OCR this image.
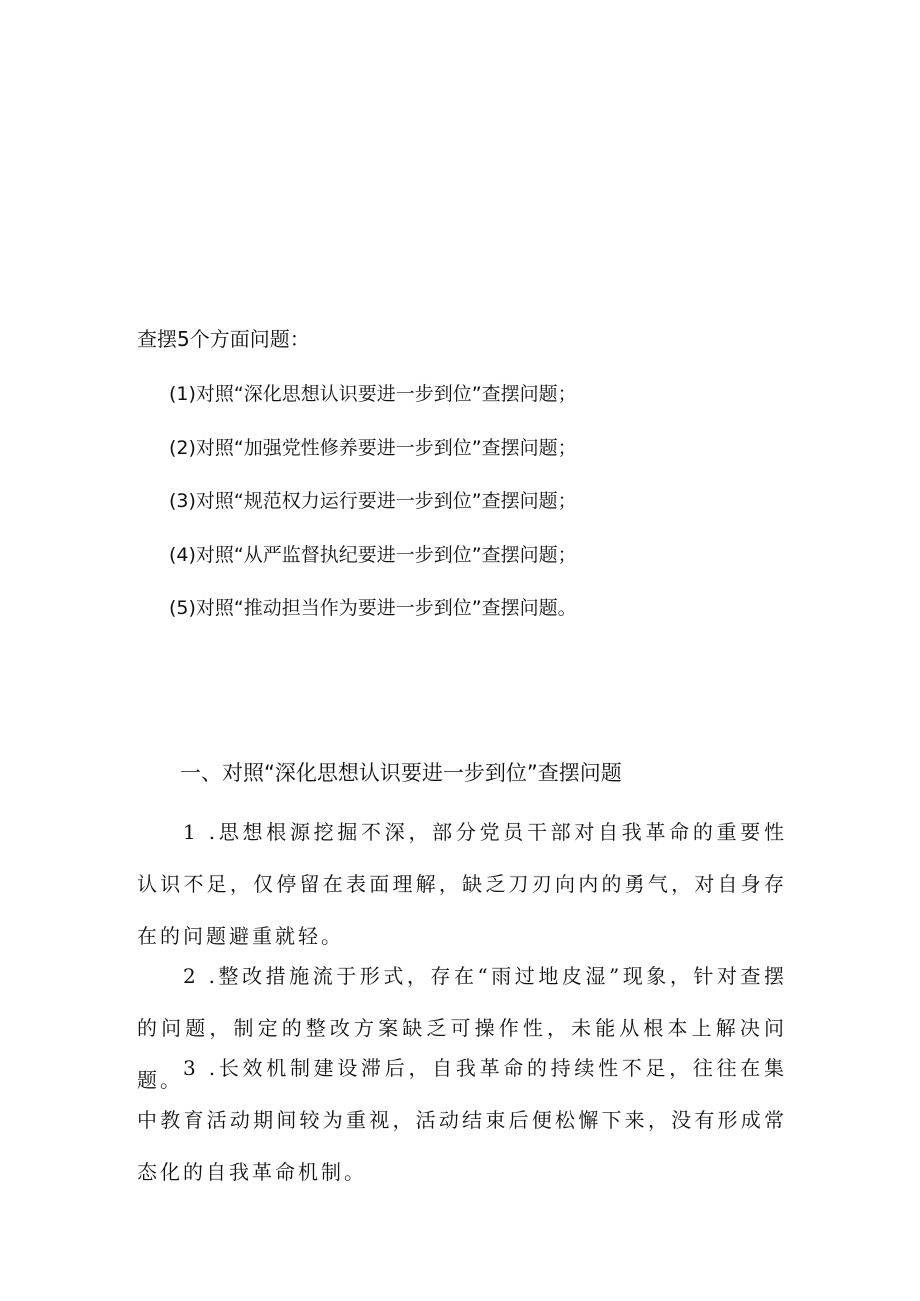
查摆5个方面问题：
(1)对照“深化思想认识要进一步到位”查摆问题；
(2)对照“加强党性修养要进一步到位”查摆问题；
(3)对照“规范权力运行要进一步到位”查摆问题；
(4)对照“从严监督执纪要进一步到位”查摆问题；
(5)对照“推动担当作为要进一步到位”查摆问题。
一、对照“深化思想认识要进一步到位”查摆问题

1 .思想根源挖掘不深，部分党员干部对自我革命的重要性认识不足，仅停留在表面理解，缺乏刀刃向内的勇气，对自身存在的问题避重就轻。

2 .整改措施流于形式，存在“雨过地皮湿”现象，针对查摆的问题，制定的整改方案缺乏可操作性，未能从根本上解决问题。 3 .长效机制建设滞后，自我革命的持续性不足，往往在集中教育活动期间较为重视，活动结束后便松懈下来，没有形成常态化的自我革命机制。
